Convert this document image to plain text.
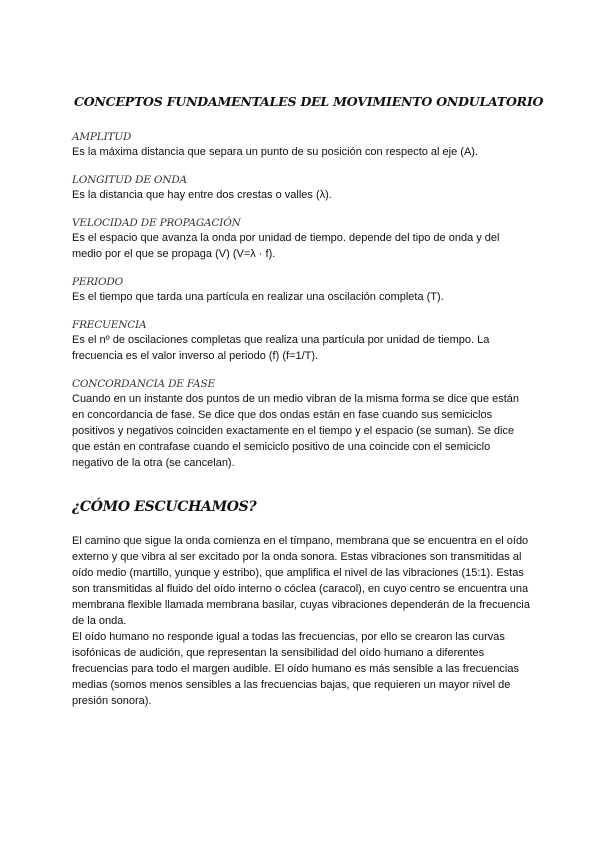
CONCEPTOS FUNDAMENTALES DEL MOVIMIENTO ONDULATORIO
AMPLITUD

Es la máxima distancia que separa un punto de su posición con respecto al eje (A).

LONGITUD DE ONDA

Es la distancia que hay entre dos crestas o valles (λ).

VELOCIDAD DE PROPAGACIÓN

Es el espacio que avanza la onda por unidad de tiempo. depende del tipo de onda y del medio por el que se propaga (V) (V=λ · f).

PERIODO

Es el tiempo que tarda una partícula en realizar una oscilación completa (T).

FRECUENCIA

Es el nº de oscilaciones completas que realiza una partícula por unidad de tiempo. La frecuencia es el valor inverso al periodo (f) (f=1/T).

CONCORDANCIA DE FASE

Cuando en un instante dos puntos de un medio vibran de la misma forma se dice que están en concordancia de fase. Se dice que dos ondas están en fase cuando sus semiciclos positivos y negativos coinciden exactamente en el tiempo y el espacio (se suman). Se dice que están en contrafase cuando el semiciclo positivo de una coincide con el semiciclo negativo de la otra (se cancelan).

¿CÓMO ESCUCHAMOS?

El camino que sigue la onda comienza en el tímpano, membrana que se encuentra en el oído externo y que vibra al ser excitado por la onda sonora. Estas vibraciones son transmitidas al oído medio (martillo, yunque y estribo), que amplifica el nivel de las vibraciones (15:1). Estas son transmitidas al fluido del oído interno o cóclea (caracol), en cuyo centro se encuentra una membrana flexible llamada membrana basilar, cuyas vibraciones dependerán de la frecuencia de la onda.

El oído humano no responde igual a todas las frecuencias, por ello se crearon las curvas isofónicas de audición, que representan la sensibilidad del oído humano a diferentes frecuencias para todo el margen audible. El oído humano es más sensible a las frecuencias medias (somos menos sensibles a las frecuencias bajas, que requieren un mayor nivel de presión sonora).
